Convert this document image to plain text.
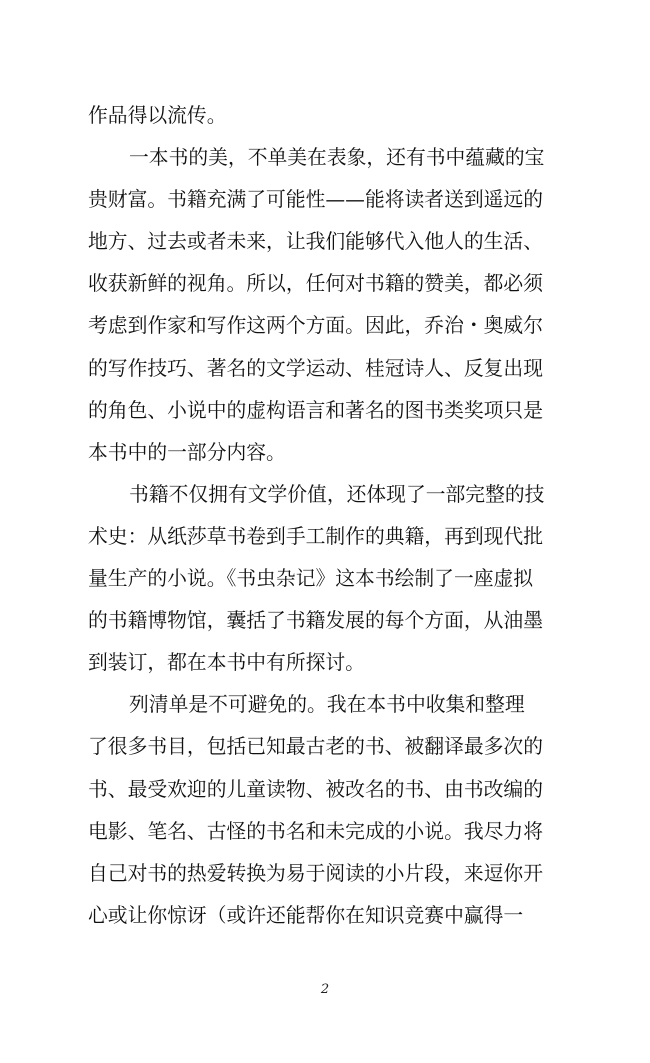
作品得以流传。
一本书的美，不单美在表象，还有书中蕴藏的宝
贵财富。书籍充满了可能性——能将读者送到遥远的
地方、过去或者未来，让我们能够代入他人的生活、
收获新鲜的视角。所以，任何对书籍的赞美，都必须
考虑到作家和写作这两个方面。因此，乔治・奥威尔
的写作技巧、著名的文学运动、桂冠诗人、反复出现
的角色、小说中的虚构语言和著名的图书类奖项只是
本书中的一部分内容。
书籍不仅拥有文学价值，还体现了一部完整的技
术史：从纸莎草书卷到手工制作的典籍，再到现代批
量生产的小说。《书虫杂记》这本书绘制了一座虚拟
的书籍博物馆，囊括了书籍发展的每个方面，从油墨
到装订，都在本书中有所探讨。
列清单是不可避免的。我在本书中收集和整理
了很多书目，包括已知最古老的书、被翻译最多次的
书、最受欢迎的儿童读物、被改名的书、由书改编的
电影、笔名、古怪的书名和未完成的小说。我尽力将
自己对书的热爱转换为易于阅读的小片段，来逗你开
心或让你惊讶（或许还能帮你在知识竞赛中赢得一
2
